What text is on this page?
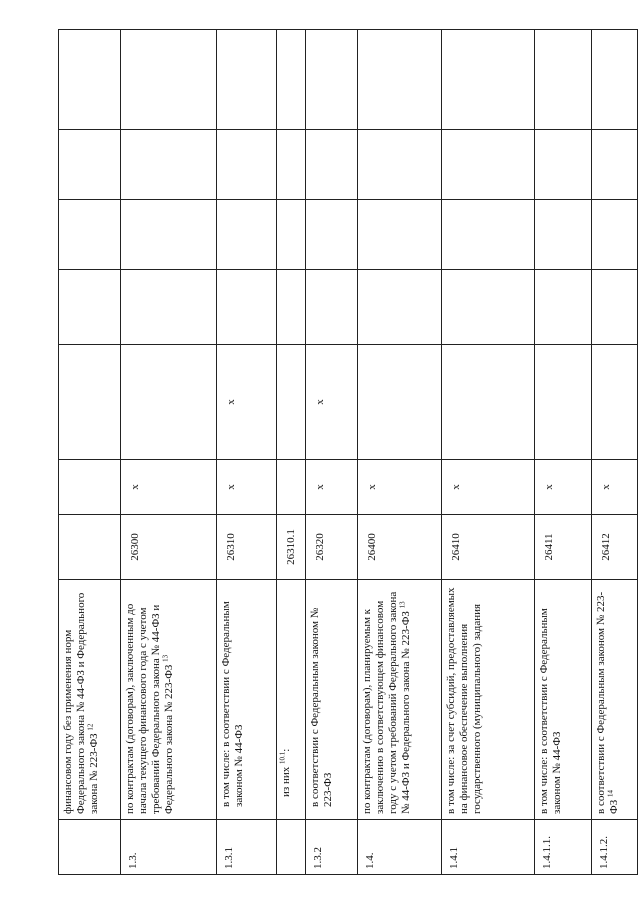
	финансовом году без применения норм Федерального закона № 44-ФЗ и Федерального закона № 223-ФЗ $^{12}$							
1.3.	по контрактам (договорам), заключенным до начала текущего финансового года с учетом требований Федерального закона № 44-ФЗ и Федерального закона № 223-ФЗ $^{13}$	26300	x					
1.3.1	в том числе: в соответствии с Федеральным законом № 44-ФЗ	26310	x	x				
	из них $^{10.1}$:	26310.1						
1.3.2	в соответствии с Федеральным законом № 223-ФЗ	26320	x	x				
1.4.	по контрактам (договорам), планируемым к заключению в соответствующем финансовом году с учетом требований Федерального закона № 44-ФЗ и Федерального закона № 223-ФЗ $^{13}$	26400	x					
1.4.1	в том числе: за счет субсидий, предоставляемых на финансовое обеспечение выполнения государственного (муниципального) задания	26410	x					
1.4.1.1.	в том числе: в соответствии с Федеральным законом № 44-ФЗ	26411	x					
1.4.1.2.	в соответствии с Федеральным законом № 223-ФЗ $^{14}$	26412	x					
